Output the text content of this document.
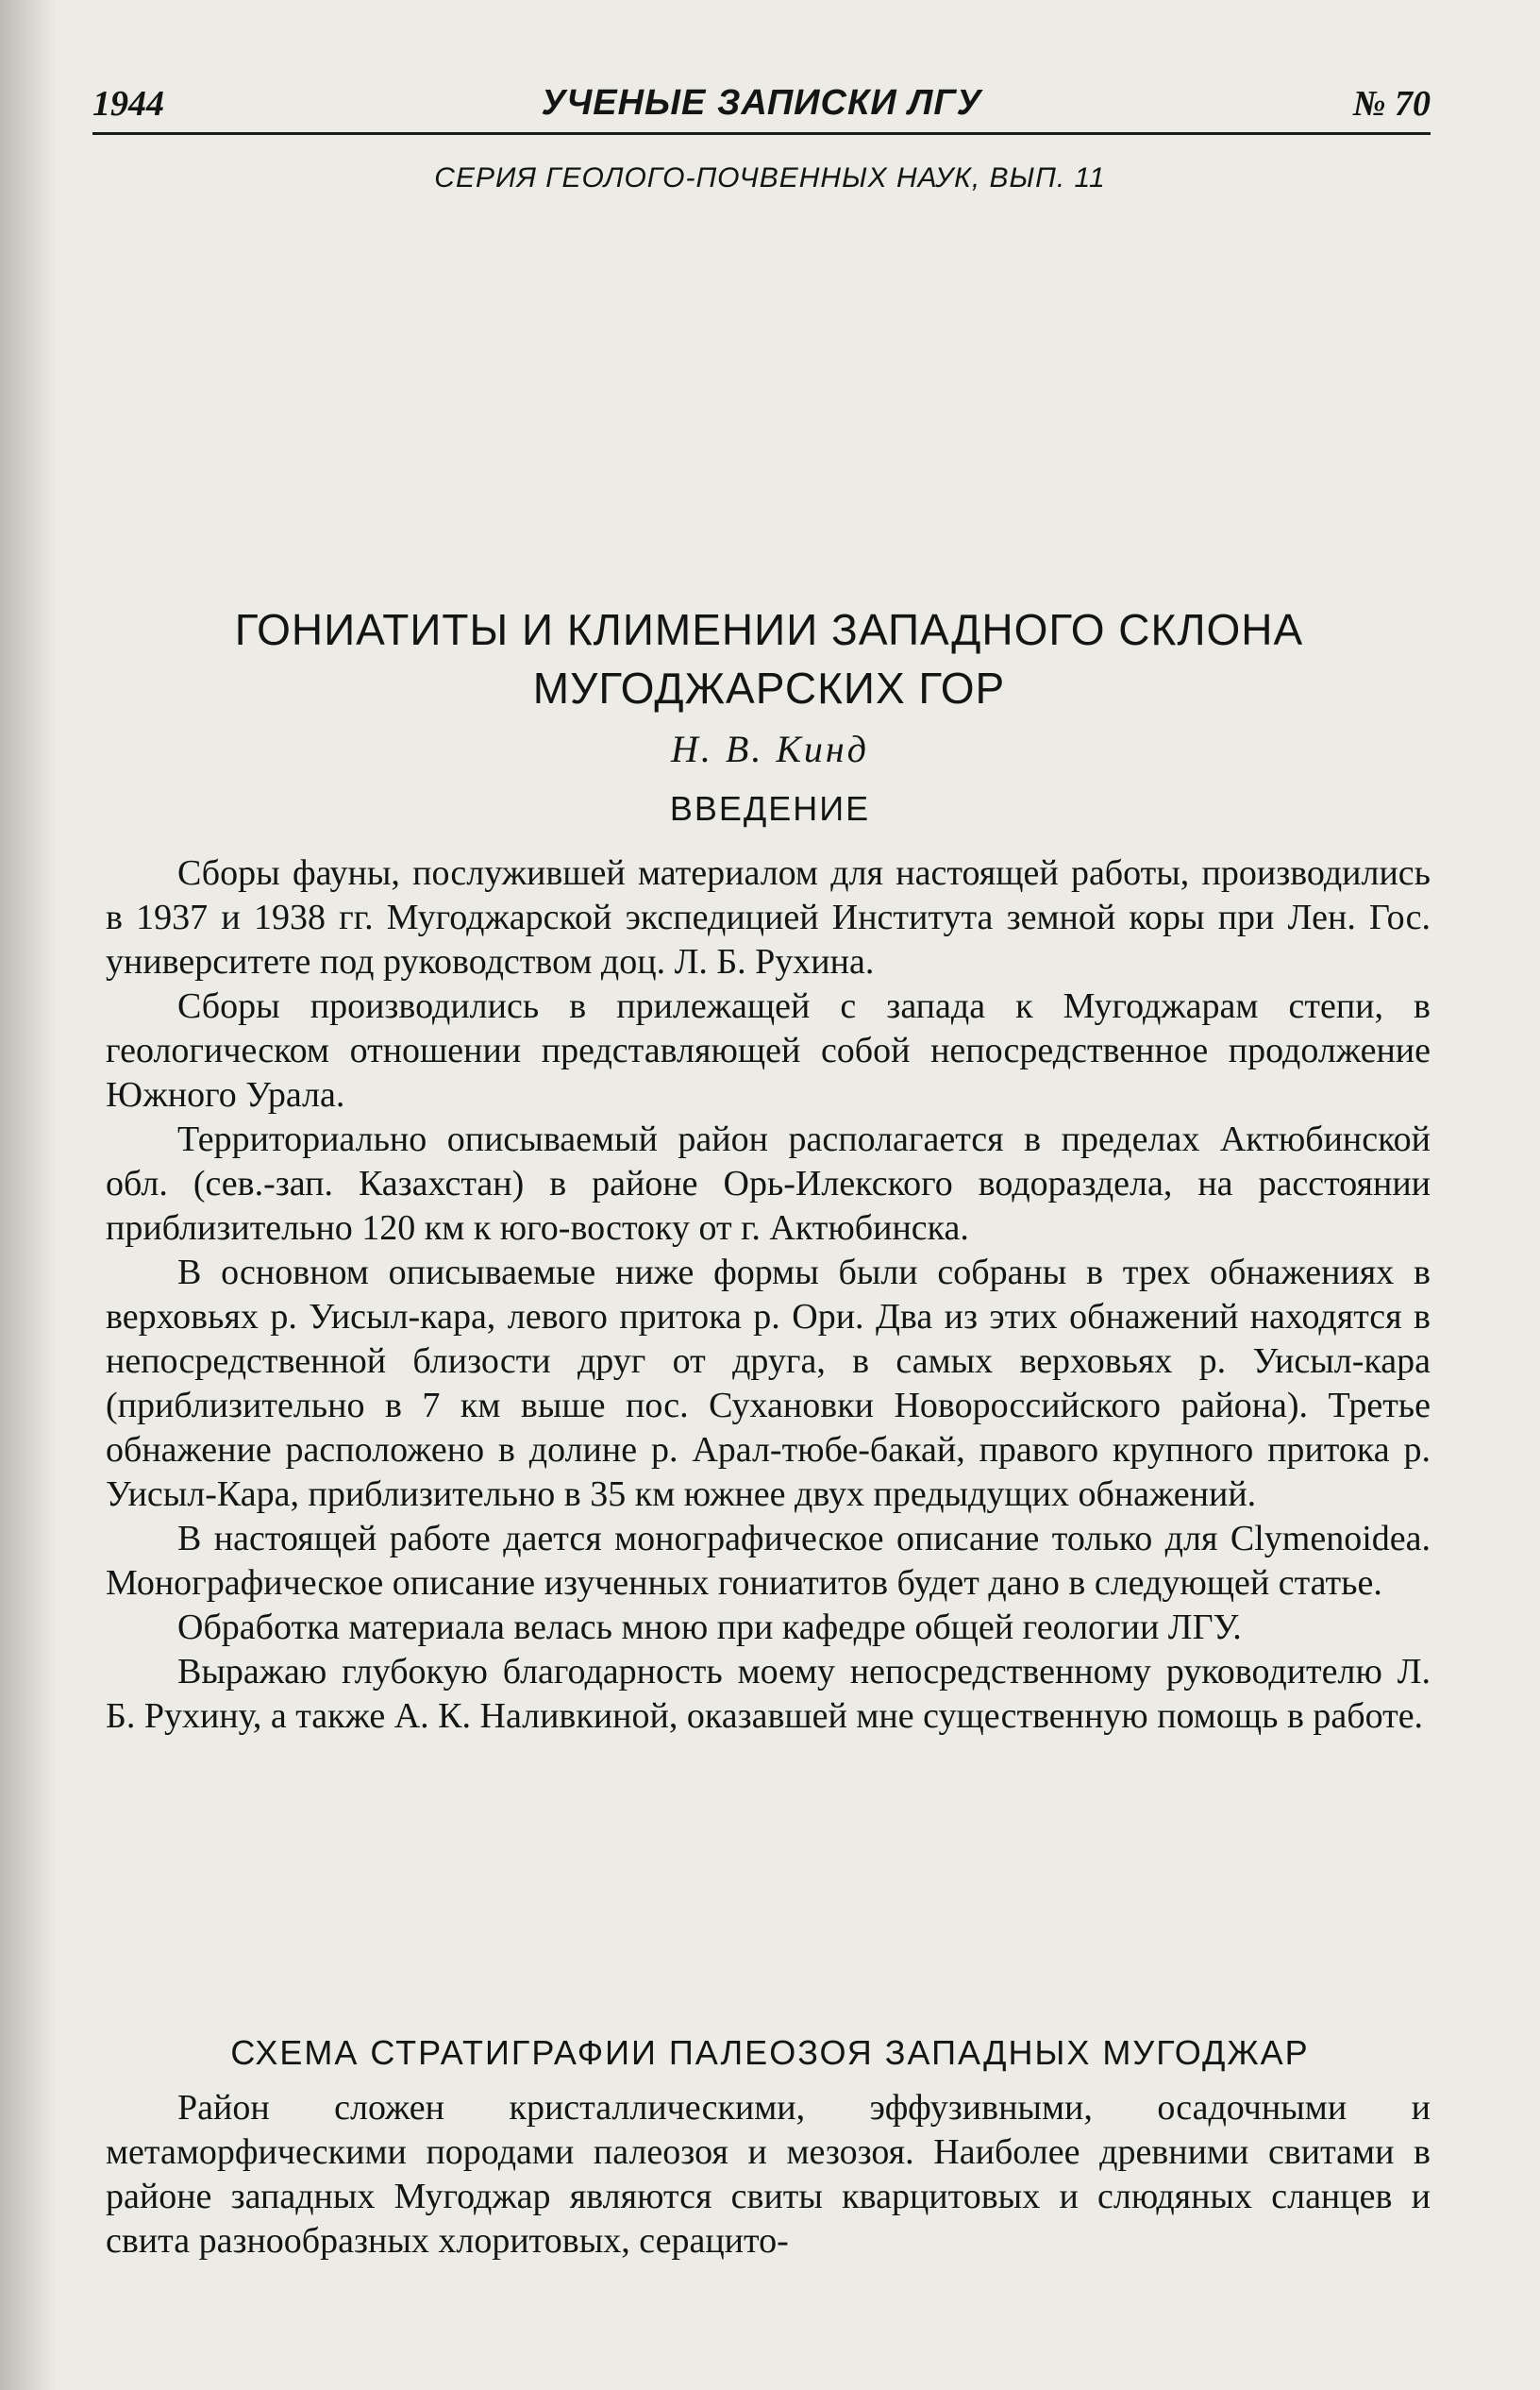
1944	УЧЕНЫЕ ЗАПИСКИ ЛГУ	№ 70
СЕРИЯ ГЕОЛОГО-ПОЧВЕННЫХ НАУК, ВЫП. 11
ГОНИАТИТЫ И КЛИМЕНИИ ЗАПАДНОГО СКЛОНА
МУГОДЖАРСКИХ ГОР
Н. В. Кинд
ВВЕДЕНИЕ

Сборы фауны, послужившей материалом для настоящей работы, производились в 1937 и 1938 гг. Мугоджарской экспедицией Института земной коры при Лен. Гос. университете под руководством доц. Л. Б. Рухина.

Сборы производились в прилежащей с запада к Мугоджарам степи, в геологическом отношении представляющей собой непосредственное продолжение Южного Урала.

Территориально описываемый район располагается в пределах Актюбинской обл. (сев.-зап. Казахстан) в районе Орь-Илекского водораздела, на расстоянии приблизительно 120 км к юго-востоку от г. Актюбинска.

В основном описываемые ниже формы были собраны в трех обнажениях в верховьях р. Уисыл-кара, левого притока р. Ори. Два из этих обнажений находятся в непосредственной близости друг от друга, в самых верховьях р. Уисыл-кара (приблизительно в 7 км выше пос. Сухановки Новороссийского района). Третье обнажение расположено в долине р. Арал-тюбе-бакай, правого крупного притока р. Уисыл-Кара, приблизительно в 35 км южнее двух предыдущих обнажений.

В настоящей работе дается монографическое описание только для Clymenoidea. Монографическое описание изученных гониатитов будет дано в следующей статье.

Обработка материала велась мною при кафедре общей геологии ЛГУ.

Выражаю глубокую благодарность моему непосредственному руководителю Л. Б. Рухину, а также А. К. Наливкиной, оказавшей мне существенную помощь в работе.

СХЕМА СТРАТИГРАФИИ ПАЛЕОЗОЯ ЗАПАДНЫХ МУГОДЖАР

Район сложен кристаллическими, эффузивными, осадочными и метаморфическими породами палеозоя и мезозоя. Наиболее древними свитами в районе западных Мугоджар являются свиты кварцитовых и слюдяных сланцев и свита разнообразных хлоритовых, серацито-
